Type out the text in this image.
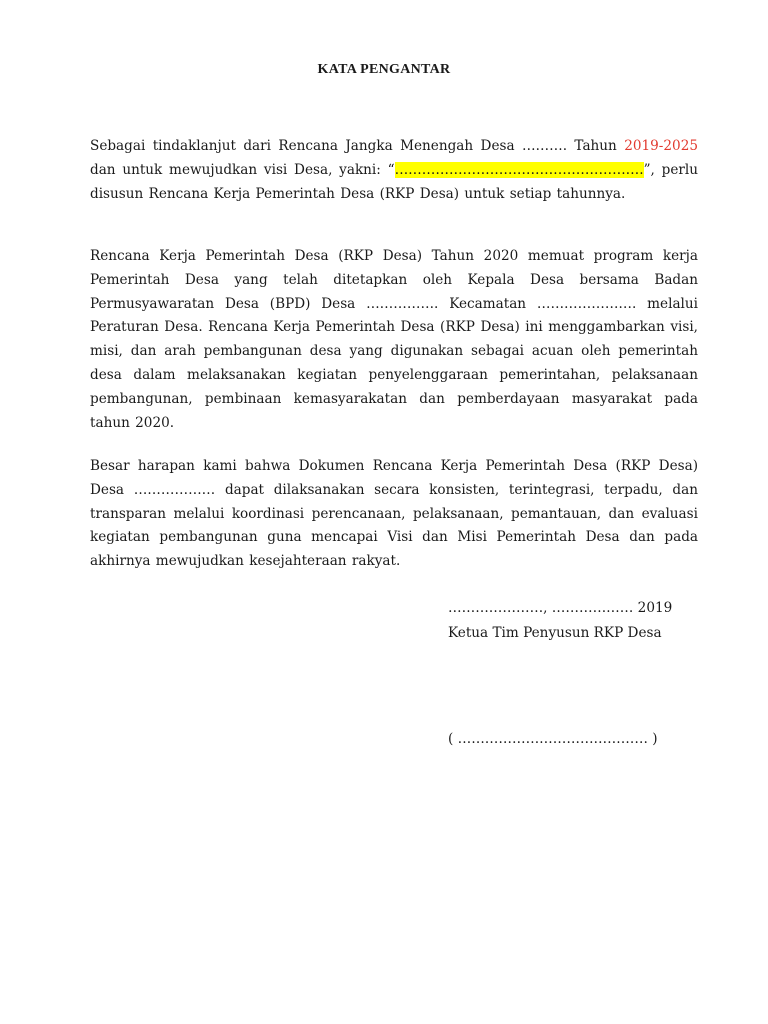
KATA PENGANTAR
Sebagai tindaklanjut dari Rencana Jangka Menengah Desa ………. Tahun 2019-2025 dan untuk mewujudkan visi Desa, yakni: “……………………………………………….”, perlu disusun Rencana Kerja Pemerintah Desa (RKP Desa) untuk setiap tahunnya.
Rencana Kerja Pemerintah Desa (RKP Desa) Tahun 2020 memuat program kerja Pemerintah Desa yang telah ditetapkan oleh Kepala Desa bersama Badan Permusyawaratan Desa (BPD) Desa ……………. Kecamatan …………………. melalui Peraturan Desa. Rencana Kerja Pemerintah Desa (RKP Desa) ini menggambarkan visi, misi, dan arah pembangunan desa yang digunakan sebagai acuan oleh pemerintah desa dalam melaksanakan kegiatan penyelenggaraan pemerintahan, pelaksanaan pembangunan, pembinaan kemasyarakatan dan pemberdayaan masyarakat pada tahun 2020.
Besar harapan kami bahwa Dokumen Rencana Kerja Pemerintah Desa (RKP Desa) Desa ……………… dapat dilaksanakan secara konsisten, terintegrasi, terpadu, dan transparan melalui koordinasi perencanaan, pelaksanaan, pemantauan, dan evaluasi kegiatan pembangunan guna mencapai Visi dan Misi Pemerintah Desa dan pada akhirnya mewujudkan kesejahteraan rakyat.
…………………, ……………… 2019
Ketua Tim Penyusun RKP Desa
( …………………………………… )
